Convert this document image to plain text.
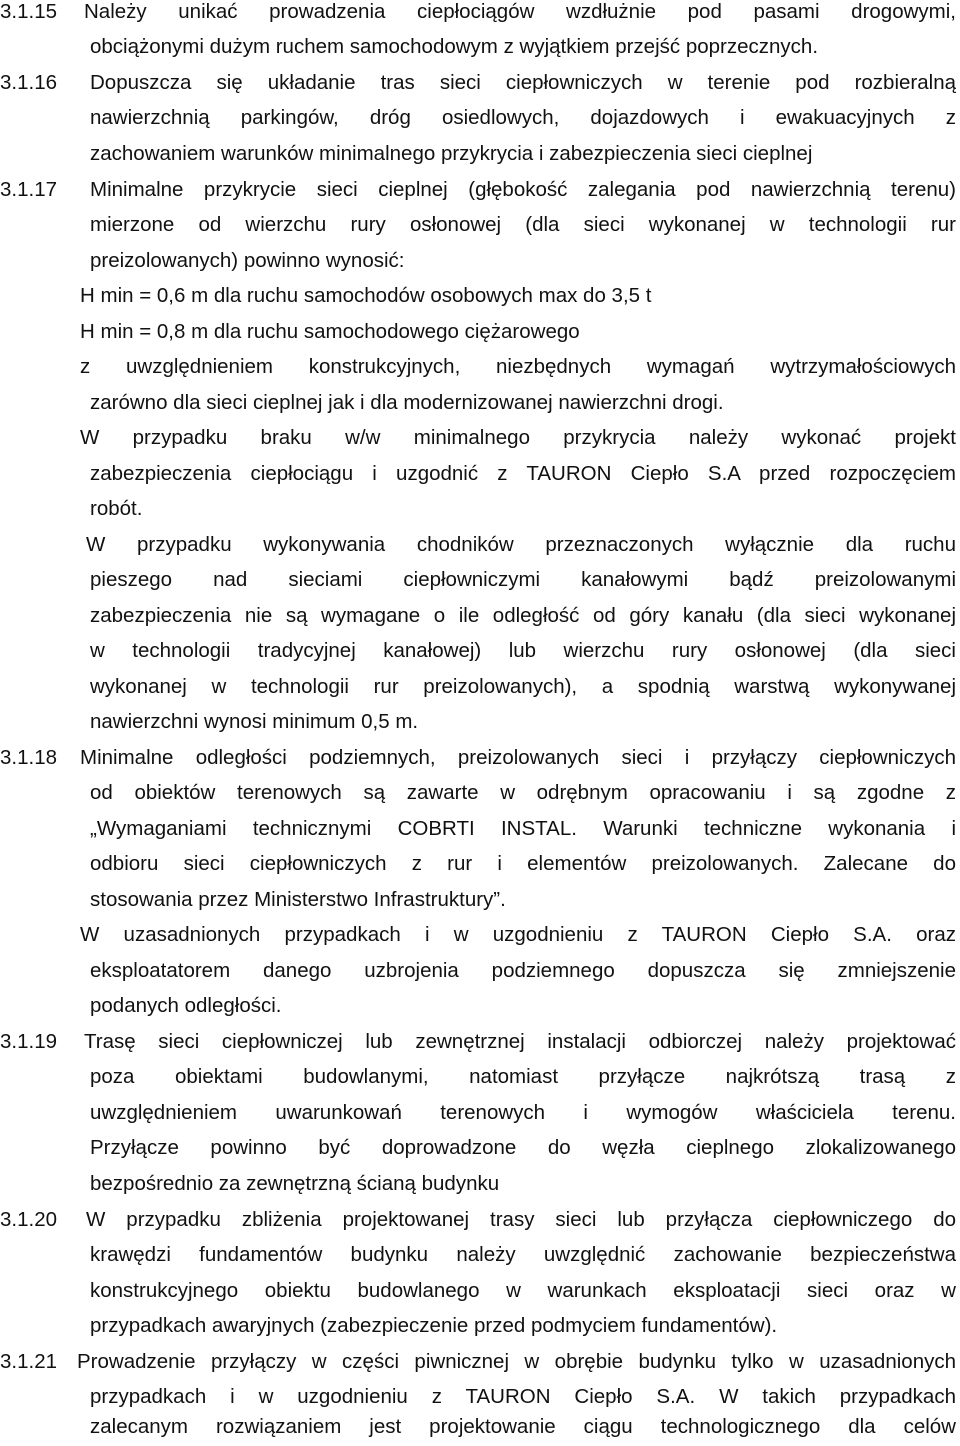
3.1.15 Należy unikać prowadzenia ciepłociągów wzdłużnie pod pasami drogowymi,
obciążonymi dużym ruchem samochodowym z wyjątkiem przejść poprzecznych.
3.1.16 Dopuszcza się układanie tras sieci ciepłowniczych w terenie pod rozbieralną
nawierzchnią parkingów, dróg osiedlowych, dojazdowych i ewakuacyjnych z
zachowaniem warunków minimalnego przykrycia i zabezpieczenia sieci cieplnej
3.1.17 Minimalne przykrycie sieci cieplnej (głębokość zalegania pod nawierzchnią terenu)
mierzone od wierzchu rury osłonowej (dla sieci wykonanej w technologii rur
preizolowanych) powinno wynosić:
H min = 0,6 m dla ruchu samochodów osobowych max do 3,5 t
H min = 0,8 m dla ruchu samochodowego ciężarowego
z uwzględnieniem konstrukcyjnych, niezbędnych wymagań wytrzymałościowych
zarówno dla sieci cieplnej jak i dla modernizowanej nawierzchni drogi.
W przypadku braku w/w minimalnego przykrycia należy wykonać projekt
zabezpieczenia ciepłociągu i uzgodnić z TAURON Ciepło S.A przed rozpoczęciem
robót.
W przypadku wykonywania chodników przeznaczonych wyłącznie dla ruchu
pieszego nad sieciami ciepłowniczymi kanałowymi bądź preizolowanymi
zabezpieczenia nie są wymagane o ile odległość od góry kanału (dla sieci wykonanej
w technologii tradycyjnej kanałowej) lub wierzchu rury osłonowej (dla sieci
wykonanej w technologii rur preizolowanych), a spodnią warstwą wykonywanej
nawierzchni wynosi minimum 0,5 m.
3.1.18 Minimalne odległości podziemnych, preizolowanych sieci i przyłączy ciepłowniczych
od obiektów terenowych są zawarte w odrębnym opracowaniu i są zgodne z
„Wymaganiami technicznymi COBRTI INSTAL. Warunki techniczne wykonania i
odbioru sieci ciepłowniczych z rur i elementów preizolowanych. Zalecane do
stosowania przez Ministerstwo Infrastruktury”.
W uzasadnionych przypadkach i w uzgodnieniu z TAURON Ciepło S.A. oraz
eksploatatorem danego uzbrojenia podziemnego dopuszcza się zmniejszenie
podanych odległości.
3.1.19 Trasę sieci ciepłowniczej lub zewnętrznej instalacji odbiorczej należy projektować
poza obiektami budowlanymi, natomiast przyłącze najkrótszą trasą z
uwzględnieniem uwarunkowań terenowych i wymogów właściciela terenu.
Przyłącze powinno być doprowadzone do węzła cieplnego zlokalizowanego
bezpośrednio za zewnętrzną ścianą budynku
3.1.20 W przypadku zbliżenia projektowanej trasy sieci lub przyłącza ciepłowniczego do
krawędzi fundamentów budynku należy uwzględnić zachowanie bezpieczeństwa
konstrukcyjnego obiektu budowlanego w warunkach eksploatacji sieci oraz w
przypadkach awaryjnych (zabezpieczenie przed podmyciem fundamentów).
3.1.21 Prowadzenie przyłączy w części piwnicznej w obrębie budynku tylko w uzasadnionych
przypadkach i w uzgodnieniu z TAURON Ciepło S.A. W takich przypadkach
zalecanym rozwiązaniem jest projektowanie ciągu technologicznego dla celów
